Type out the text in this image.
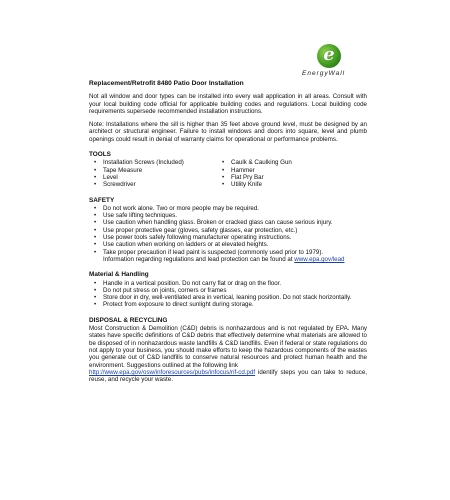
e
EnergyWall
Replacement/Retrofit 8480 Patio Door Installation

Not all window and door types can be installed into every wall application in all areas. Consult with your local building code official for applicable building codes and regulations. Local building code requirements supersede recommended installation instructions.

Note: Installations where the sill is higher than 35 feet above ground level, must be designed by an architect or structural engineer. Failure to install windows and doors into square, level and plumb openings could result in denial of warranty claims for operational or performance problems.

TOOLS
• Installation Screws (Included)
• Tape Measure
• Level
• Screwdriver
• Caulk & Caulking Gun
• Hammer
• Flat Pry Bar
• Utility Knife
SAFETY
• Do not work alone. Two or more people may be required.
• Use safe lifting techniques.
• Use caution when handling glass. Broken or cracked glass can cause serious injury.
• Use proper protective gear (gloves, safety glasses, ear protection, etc.)
• Use power tools safely following manufacturer operating instructions.
• Use caution when working on ladders or at elevated heights.
• Take proper precaution if lead paint is suspected (commonly used prior to 1979).
Information regarding regulations and lead protection can be found at www.epa.gov/lead
Material & Handling
• Handle in a vertical position. Do not carry flat or drag on the floor.
• Do not put stress on joints, corners or frames
• Store door in dry, well-ventilated area in vertical, leaning position. Do not stack horizontally.
• Protect from exposure to direct sunlight during storage.
DISPOSAL & RECYCLING

Most Construction & Demolition (C&D) debris is nonhazardous and is not regulated by EPA. Many states have specific definitions of C&D debris that effectively determine what materials are allowed to be disposed of in nonhazardous waste landfills & C&D landfills. Even if federal or state regulations do not apply to your business, you should make efforts to keep the hazardous components of the wastes you generate out of C&D landfills to conserve natural resources and protect human health and the environment. Suggestions outlined at the following link
http://www.epa.gov/osw/inforesources/pubs/infocus/rif-cd.pdf identify steps you can take to reduce, reuse, and recycle your waste.
